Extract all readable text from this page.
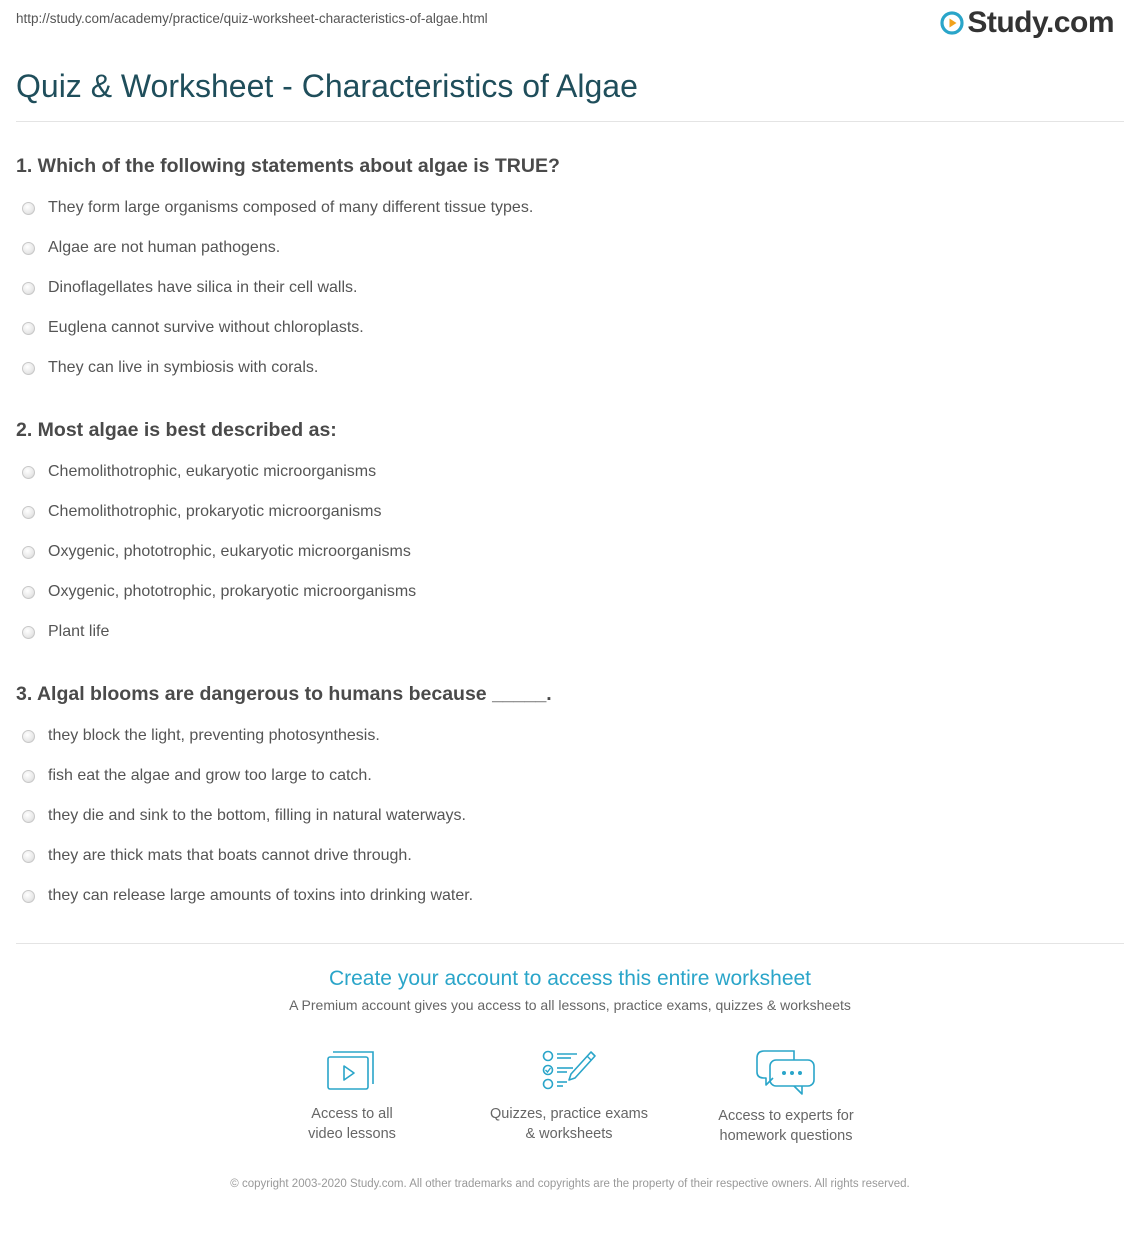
http://study.com/academy/practice/quiz-worksheet-characteristics-of-algae.html	Study.com
Quiz & Worksheet - Characteristics of Algae
1. Which of the following statements about algae is TRUE?
They form large organisms composed of many different tissue types.
Algae are not human pathogens.
Dinoflagellates have silica in their cell walls.
Euglena cannot survive without chloroplasts.
They can live in symbiosis with corals.
2. Most algae is best described as:
Chemolithotrophic, eukaryotic microorganisms
Chemolithotrophic, prokaryotic microorganisms
Oxygenic, phototrophic, eukaryotic microorganisms
Oxygenic, phototrophic, prokaryotic microorganisms
Plant life
3. Algal blooms are dangerous to humans because _____.
they block the light, preventing photosynthesis.
fish eat the algae and grow too large to catch.
they die and sink to the bottom, filling in natural waterways.
they are thick mats that boats cannot drive through.
they can release large amounts of toxins into drinking water.
Create your account to access this entire worksheet
A Premium account gives you access to all lessons, practice exams, quizzes & worksheets
Access to all
video lessons
Quizzes, practice exams
& worksheets
Access to experts for
homework questions
© copyright 2003-2020 Study.com. All other trademarks and copyrights are the property of their respective owners. All rights reserved.
